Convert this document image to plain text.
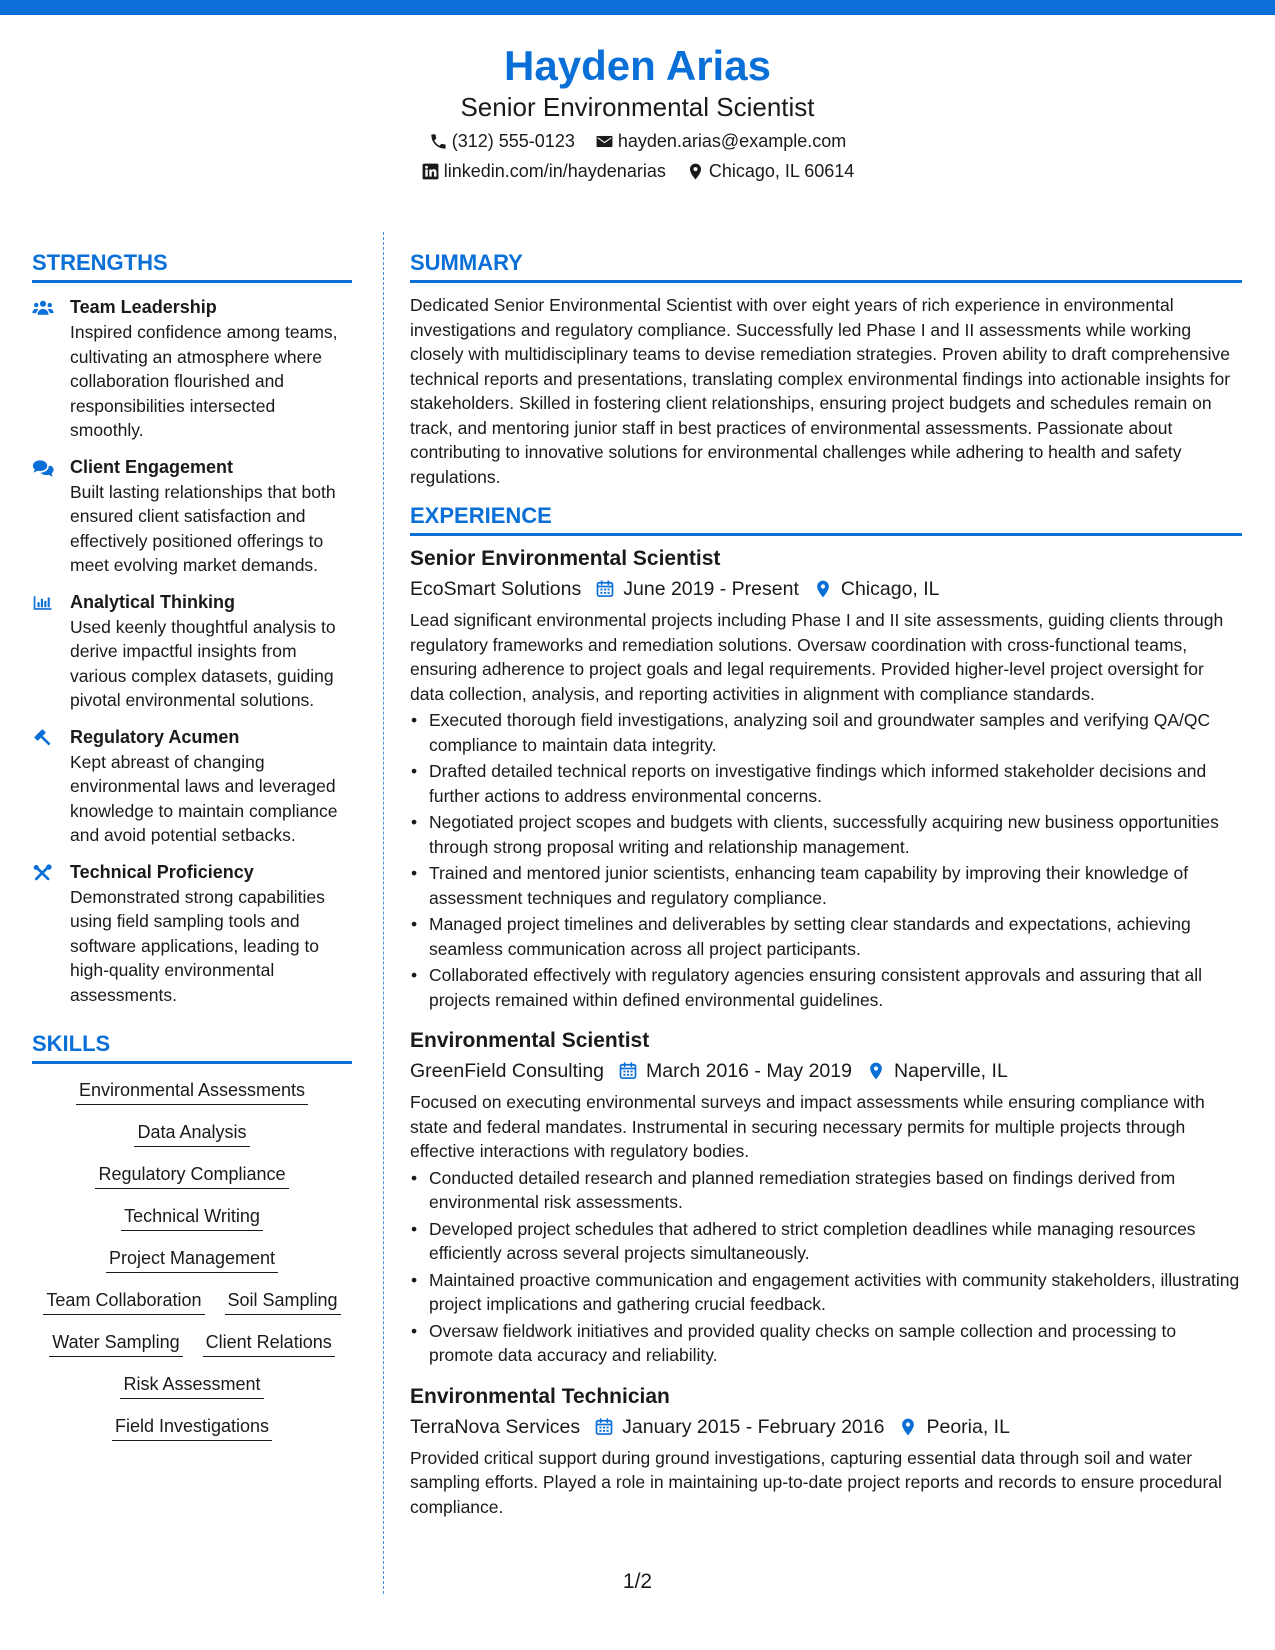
Hayden Arias
Senior Environmental Scientist
(312) 555-0123 hayden.arias@example.com
linkedin.com/in/haydenarias Chicago, IL 60614
STRENGTHS
Team Leadership
Inspired confidence among teams, cultivating an atmosphere where collaboration flourished and responsibilities intersected smoothly.
Client Engagement
Built lasting relationships that both ensured client satisfaction and effectively positioned offerings to meet evolving market demands.
Analytical Thinking
Used keenly thoughtful analysis to derive impactful insights from various complex datasets, guiding pivotal environmental solutions.
Regulatory Acumen
Kept abreast of changing environmental laws and leveraged knowledge to maintain compliance and avoid potential setbacks.
Technical Proficiency
Demonstrated strong capabilities using field sampling tools and software applications, leading to high-quality environmental assessments.
SKILLS
Environmental Assessments
Data Analysis
Regulatory Compliance
Technical Writing
Project Management
Team Collaboration Soil Sampling
Water Sampling Client Relations
Risk Assessment
Field Investigations
SUMMARY
Dedicated Senior Environmental Scientist with over eight years of rich experience in environmental investigations and regulatory compliance. Successfully led Phase I and II assessments while working closely with multidisciplinary teams to devise remediation strategies. Proven ability to draft comprehensive technical reports and presentations, translating complex environmental findings into actionable insights for stakeholders. Skilled in fostering client relationships, ensuring project budgets and schedules remain on track, and mentoring junior staff in best practices of environmental assessments. Passionate about contributing to innovative solutions for environmental challenges while adhering to health and safety regulations.
EXPERIENCE
Senior Environmental Scientist
EcoSmart Solutions June 2019 - Present Chicago, IL
Lead significant environmental projects including Phase I and II site assessments, guiding clients through regulatory frameworks and remediation solutions. Oversaw coordination with cross-functional teams, ensuring adherence to project goals and legal requirements. Provided higher-level project oversight for data collection, analysis, and reporting activities in alignment with compliance standards.
• Executed thorough field investigations, analyzing soil and groundwater samples and verifying QA/QC compliance to maintain data integrity.
• Drafted detailed technical reports on investigative findings which informed stakeholder decisions and further actions to address environmental concerns.
• Negotiated project scopes and budgets with clients, successfully acquiring new business opportunities through strong proposal writing and relationship management.
• Trained and mentored junior scientists, enhancing team capability by improving their knowledge of assessment techniques and regulatory compliance.
• Managed project timelines and deliverables by setting clear standards and expectations, achieving seamless communication across all project participants.
• Collaborated effectively with regulatory agencies ensuring consistent approvals and assuring that all projects remained within defined environmental guidelines.
Environmental Scientist
GreenField Consulting March 2016 - May 2019 Naperville, IL
Focused on executing environmental surveys and impact assessments while ensuring compliance with state and federal mandates. Instrumental in securing necessary permits for multiple projects through effective interactions with regulatory bodies.
• Conducted detailed research and planned remediation strategies based on findings derived from environmental risk assessments.
• Developed project schedules that adhered to strict completion deadlines while managing resources efficiently across several projects simultaneously.
• Maintained proactive communication and engagement activities with community stakeholders, illustrating project implications and gathering crucial feedback.
• Oversaw fieldwork initiatives and provided quality checks on sample collection and processing to promote data accuracy and reliability.
Environmental Technician
TerraNova Services January 2015 - February 2016 Peoria, IL
Provided critical support during ground investigations, capturing essential data through soil and water sampling efforts. Played a role in maintaining up-to-date project reports and records to ensure procedural compliance.
1/2
